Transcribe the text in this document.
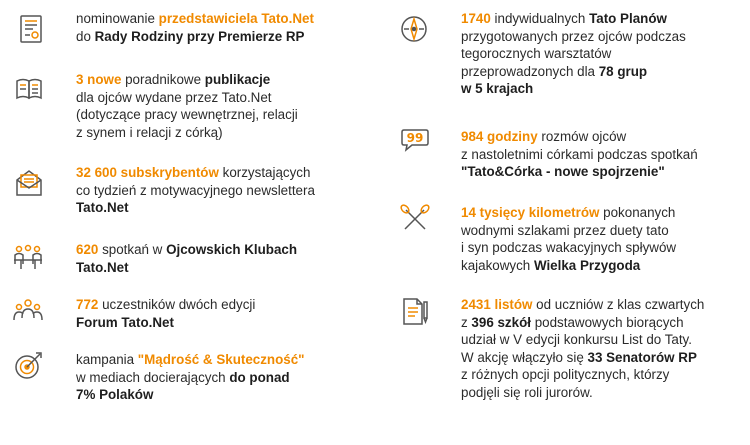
nominowanie przedstawiciela Tato.Net
do Rady Rodziny przy Premierze RP
3 nowe poradnikowe publikacje
dla ojców wydane przez Tato.Net
(dotyczące pracy wewnętrznej, relacji
z synem i relacji z córką)
32 600 subskrybentów korzystających
co tydzień z motywacyjnego newslettera
Tato.Net
620 spotkań w Ojcowskich Klubach
Tato.Net
772 uczestników dwóch edycji
Forum Tato.Net
kampania "Mądrość & Skuteczność"
w mediach docierających do ponad
7% Polaków
1740 indywidualnych Tato Planów
przygotowanych przez ojców podczas
tegorocznych warsztatów
przeprowadzonych dla 78 grup
w 5 krajach
99	984 godziny rozmów ojców
z nastoletnimi córkami podczas spotkań
"Tato&Córka - nowe spojrzenie"
14 tysięcy kilometrów pokonanych
wodnymi szlakami przez duety tato
i syn podczas wakacyjnych spływów
kajakowych Wielka Przygoda
2431 listów od uczniów z klas czwartych
z 396 szkół podstawowych biorących
udział w V edycji konkursu List do Taty.
W akcję włączyło się 33 Senatorów RP
z różnych opcji politycznych, którzy
podjęli się roli jurorów.
